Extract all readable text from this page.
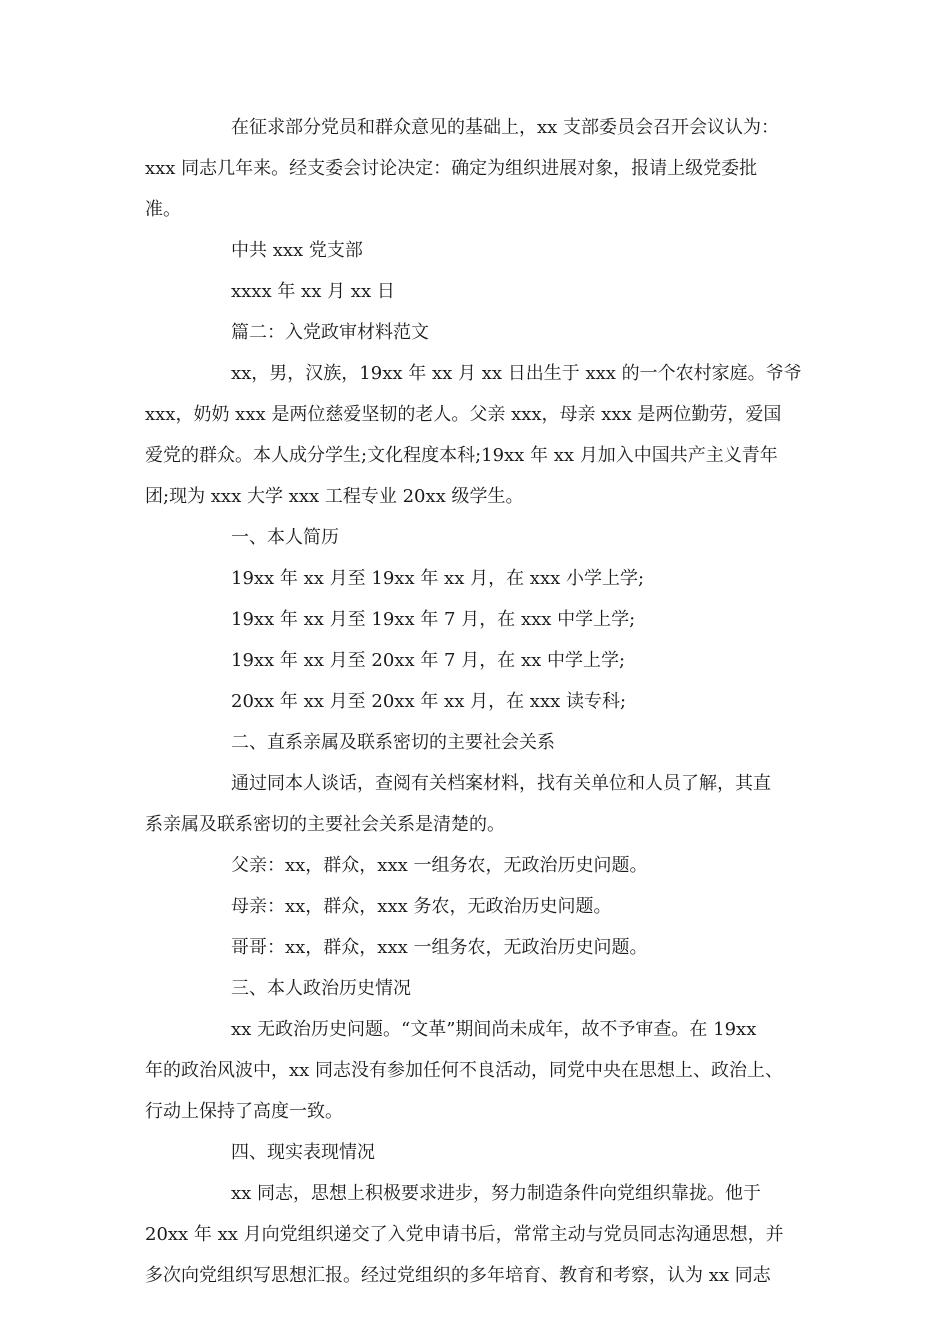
在征求部分党员和群众意见的基础上，xx 支部委员会召开会议认为：
xxx 同志几年来。经支委会讨论决定：确定为组织进展对象，报请上级党委批
准。
中共 xxx 党支部
xxxx 年 xx 月 xx 日
篇二：入党政审材料范文
xx，男，汉族，19xx 年 xx 月 xx 日出生于 xxx 的一个农村家庭。爷爷
xxx，奶奶 xxx 是两位慈爱坚韧的老人。父亲 xxx，母亲 xxx 是两位勤劳，爱国
爱党的群众。本人成分学生;文化程度本科;19xx 年 xx 月加入中国共产主义青年
团;现为 xxx 大学 xxx 工程专业 20xx 级学生。
一、本人简历
19xx 年 xx 月至 19xx 年 xx 月，在 xxx 小学上学;
19xx 年 xx 月至 19xx 年 7 月，在 xxx 中学上学;
19xx 年 xx 月至 20xx 年 7 月，在 xx 中学上学;
20xx 年 xx 月至 20xx 年 xx 月，在 xxx 读专科;
二、直系亲属及联系密切的主要社会关系
通过同本人谈话，查阅有关档案材料，找有关单位和人员了解，其直
系亲属及联系密切的主要社会关系是清楚的。
父亲：xx，群众，xxx 一组务农，无政治历史问题。
母亲：xx，群众，xxx 务农，无政治历史问题。
哥哥：xx，群众，xxx 一组务农，无政治历史问题。
三、本人政治历史情况
xx 无政治历史问题。“文革”期间尚未成年，故不予审查。在 19xx
年的政治风波中，xx 同志没有参加任何不良活动，同党中央在思想上、政治上、
行动上保持了高度一致。
四、现实表现情况
xx 同志，思想上积极要求进步，努力制造条件向党组织靠拢。他于
20xx 年 xx 月向党组织递交了入党申请书后，常常主动与党员同志沟通思想，并
多次向党组织写思想汇报。经过党组织的多年培育、教育和考察，认为 xx 同志
